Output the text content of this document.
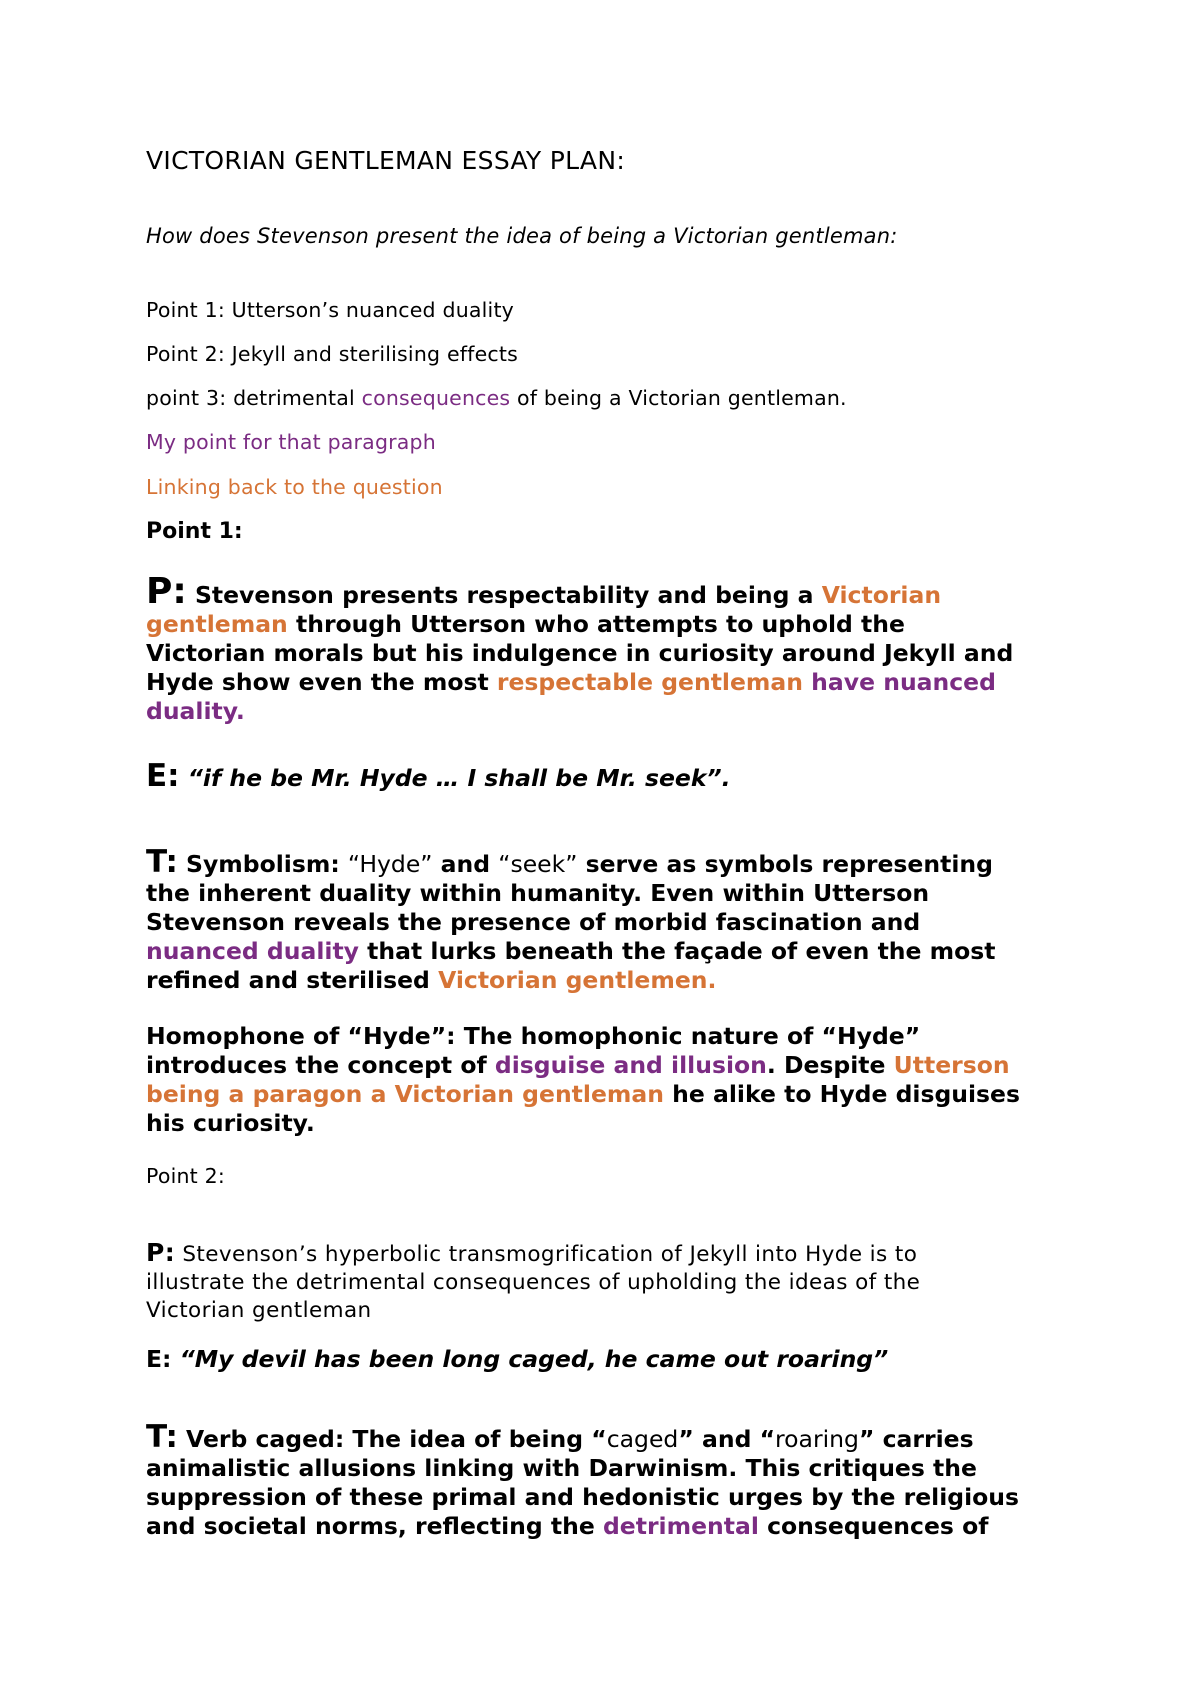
VICTORIAN GENTLEMAN ESSAY PLAN:
How does Stevenson present the idea of being a Victorian gentleman:
Point 1: Utterson’s nuanced duality
Point 2: Jekyll and sterilising effects
point 3: detrimental consequences of being a Victorian gentleman.
My point for that paragraph
Linking back to the question
Point 1:
P: Stevenson presents respectability and being a Victorian
gentleman through Utterson who attempts to uphold the
Victorian morals but his indulgence in curiosity around Jekyll and
Hyde show even the most respectable gentleman have nuanced
duality.
E: “if he be Mr. Hyde … I shall be Mr. seek”.
T: Symbolism: “Hyde” and “seek” serve as symbols representing
the inherent duality within humanity. Even within Utterson
Stevenson reveals the presence of morbid fascination and
nuanced duality that lurks beneath the façade of even the most
refined and sterilised Victorian gentlemen.
Homophone of “Hyde”: The homophonic nature of “Hyde”
introduces the concept of disguise and illusion. Despite Utterson
being a paragon a Victorian gentleman he alike to Hyde disguises
his curiosity.
Point 2:
P: Stevenson’s hyperbolic transmogrification of Jekyll into Hyde is to
illustrate the detrimental consequences of upholding the ideas of the
Victorian gentleman
E: “My devil has been long caged, he came out roaring”
T: Verb caged: The idea of being “caged” and “roaring” carries
animalistic allusions linking with Darwinism. This critiques the
suppression of these primal and hedonistic urges by the religious
and societal norms, reflecting the detrimental consequences of
